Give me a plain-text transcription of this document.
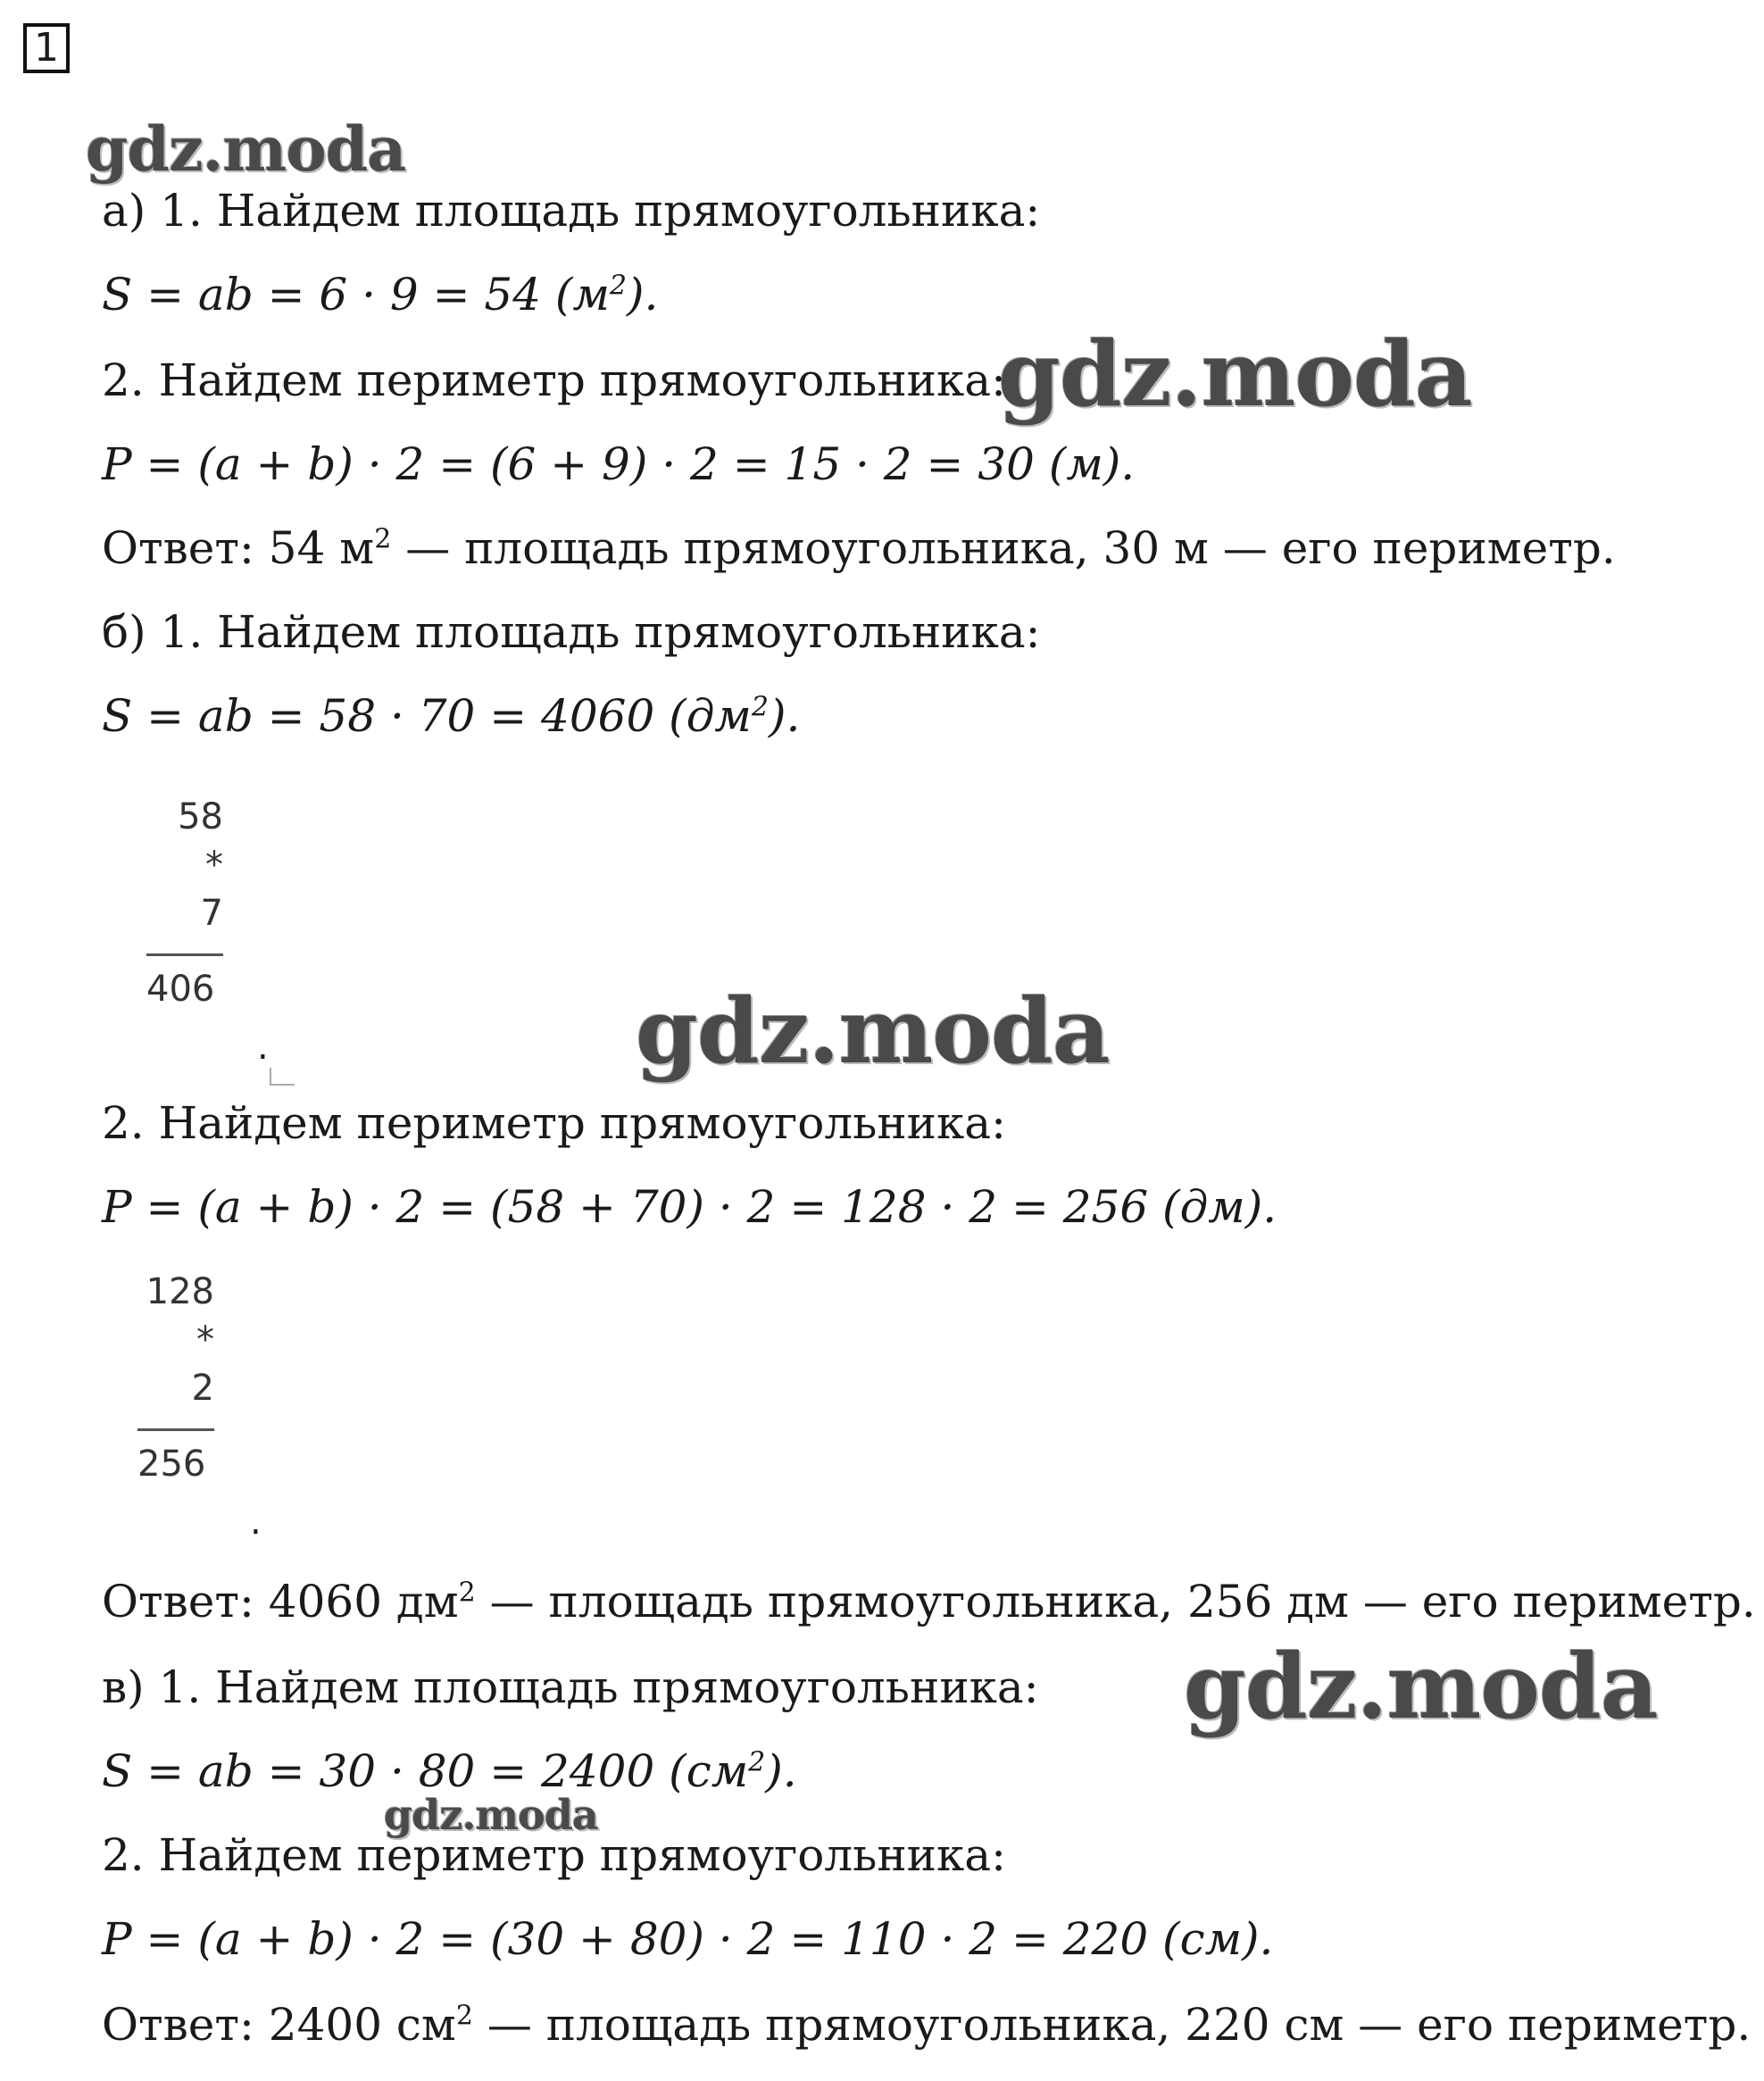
1
gdz.moda
gdz.moda
gdz.moda
gdz.moda
gdz.moda
а) 1. Найдем площадь прямоугольника:
S = ab = 6 · 9 = 54 $(м^2)$.
2. Найдем периметр прямоугольника:
P = (a + b) · 2 = (6 + 9) · 2 = 15 · 2 = 30 (м).
Ответ: 54 $м^2$ — площадь прямоугольника, 30 м — его периметр.
б) 1. Найдем площадь прямоугольника:
S = ab = 58 · 70 = 4060 $(дм^2)$.
58
*
7
406
.
2. Найдем периметр прямоугольника:
P = (a + b) · 2 = (58 + 70) · 2 = 128 · 2 = 256 (дм).
128
*
2
256
.
Ответ: 4060 $дм^2$ — площадь прямоугольника, 256 дм — его периметр.
в) 1. Найдем площадь прямоугольника:
S = ab = 30 · 80 = 2400 $(см^2)$.
2. Найдем периметр прямоугольника:
P = (a + b) · 2 = (30 + 80) · 2 = 110 · 2 = 220 (см).
Ответ: 2400 $см^2$ — площадь прямоугольника, 220 см — его периметр.
